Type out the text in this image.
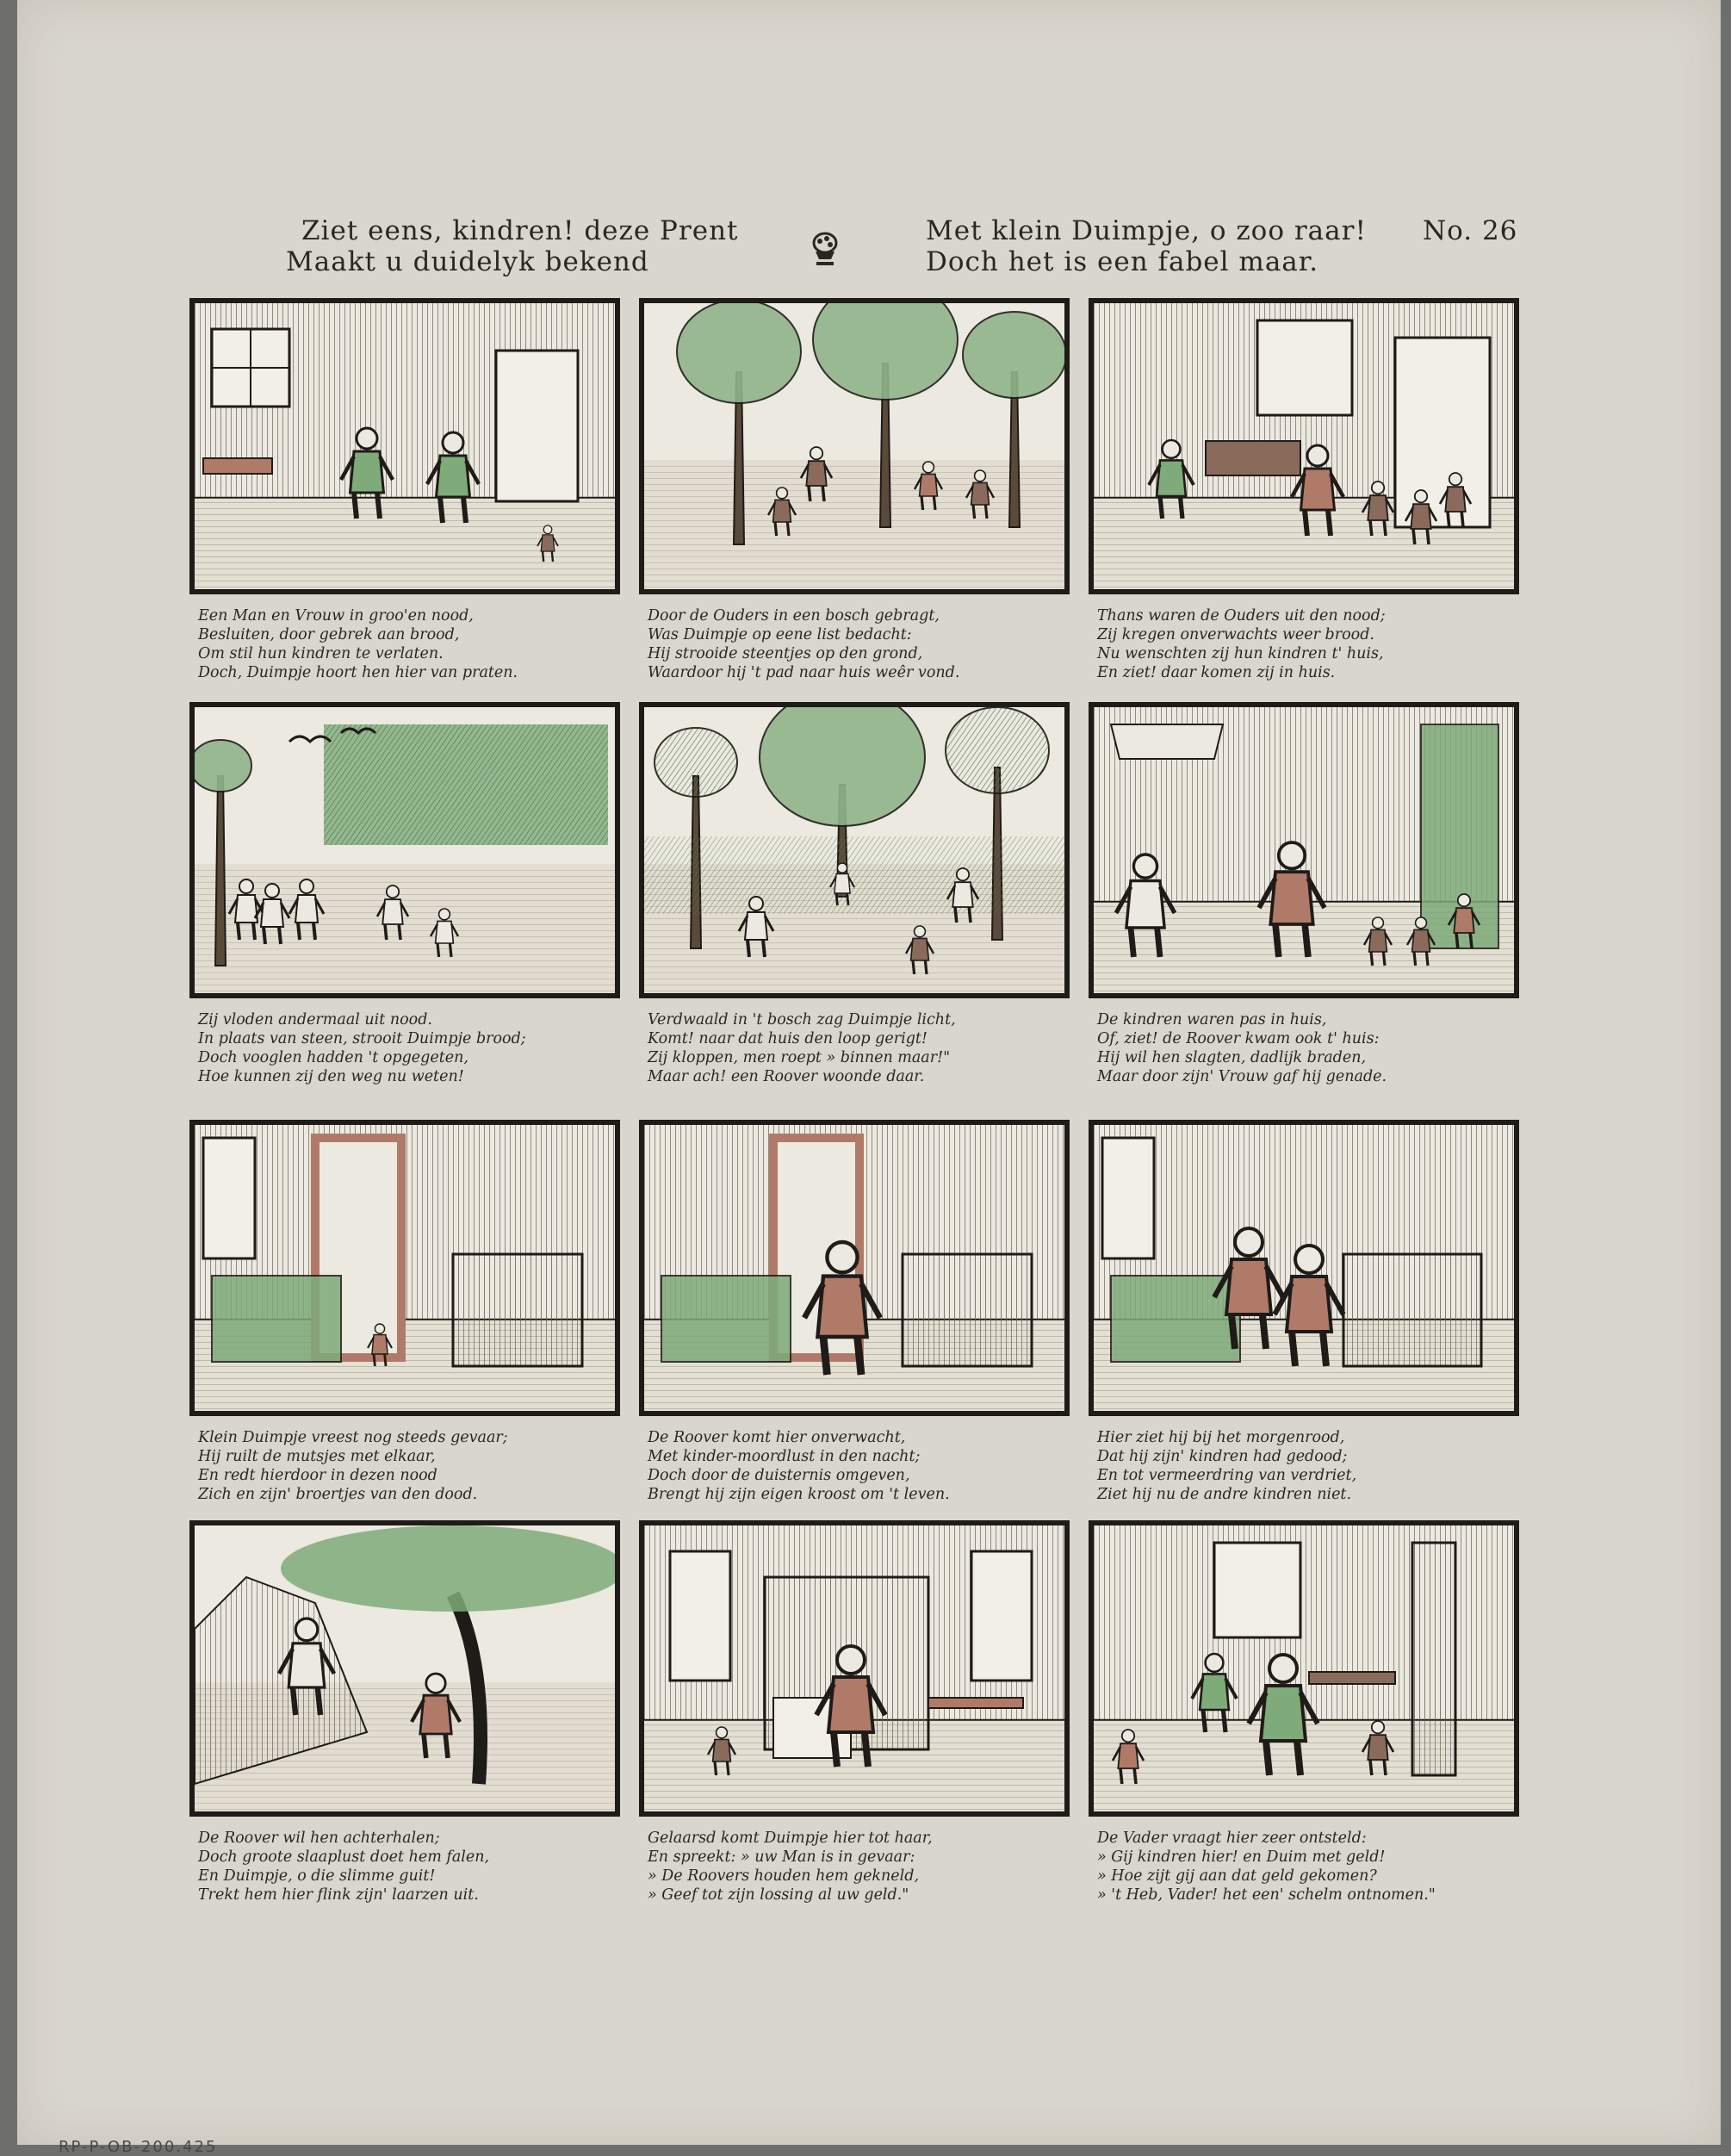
Ziet eens, kindren! deze Prent
Maakt u duidelyk bekend
Met klein Duimpje, o zoo raar!
Doch het is een fabel maar.
No. 26
Een Man en Vrouw in groo'en nood,
Besluiten, door gebrek aan brood,
Om stil hun kindren te verlaten.
Doch, Duimpje hoort hen hier van praten.
Door de Ouders in een bosch gebragt,
Was Duimpje op eene list bedacht:
Hij strooide steentjes op den grond,
Waardoor hij 't pad naar huis weêr vond.
Thans waren de Ouders uit den nood;
Zij kregen onverwachts weer brood.
Nu wenschten zij hun kindren t' huis,
En ziet! daar komen zij in huis.
Zij vloden andermaal uit nood.
In plaats van steen, strooit Duimpje brood;
Doch vooglen hadden 't opgegeten,
Hoe kunnen zij den weg nu weten!
Verdwaald in 't bosch zag Duimpje licht,
Komt! naar dat huis den loop gerigt!
Zij kloppen, men roept » binnen maar!"
Maar ach! een Roover woonde daar.
De kindren waren pas in huis,
Of, ziet! de Roover kwam ook t' huis:
Hij wil hen slagten, dadlijk braden,
Maar door zijn' Vrouw gaf hij genade.
Klein Duimpje vreest nog steeds gevaar;
Hij ruilt de mutsjes met elkaar,
En redt hierdoor in dezen nood
Zich en zijn' broertjes van den dood.
De Roover komt hier onverwacht,
Met kinder-moordlust in den nacht;
Doch door de duisternis omgeven,
Brengt hij zijn eigen kroost om 't leven.
Hier ziet hij bij het morgenrood,
Dat hij zijn' kindren had gedood;
En tot vermeerdring van verdriet,
Ziet hij nu de andre kindren niet.
De Roover wil hen achterhalen;
Doch groote slaaplust doet hem falen,
En Duimpje, o die slimme guit!
Trekt hem hier flink zijn' laarzen uit.
Gelaarsd komt Duimpje hier tot haar,
En spreekt: » uw Man is in gevaar:
» De Roovers houden hem gekneld,
» Geef tot zijn lossing al uw geld."
De Vader vraagt hier zeer ontsteld:
» Gij kindren hier! en Duim met geld!
» Hoe zijt gij aan dat geld gekomen?
» 't Heb, Vader! het een' schelm ontnomen."
RP-P-OB-200.425
